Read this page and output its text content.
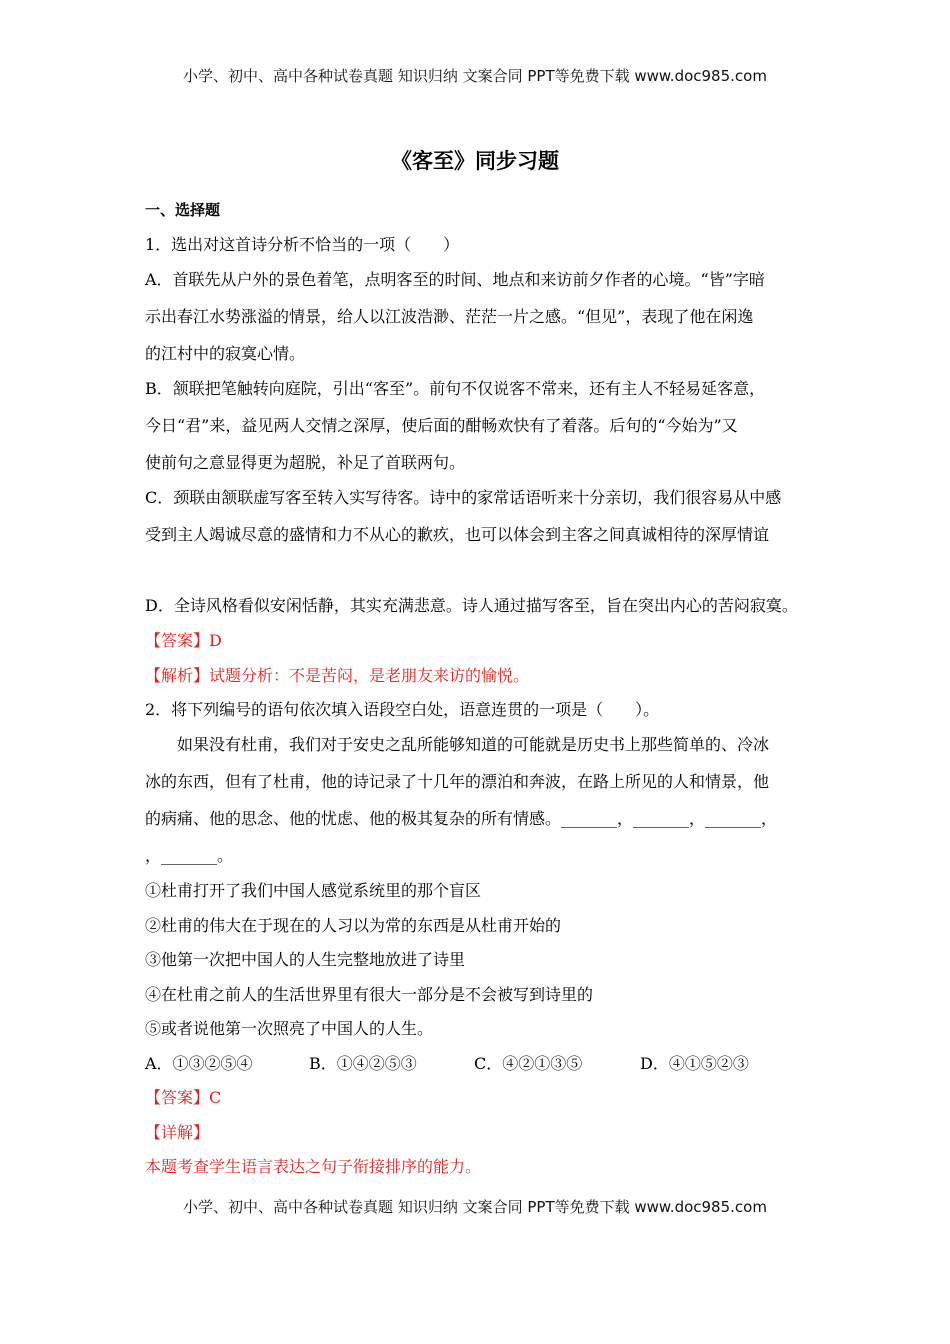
小学、初中、高中各种试卷真题 知识归纳 文案合同 PPT等免费下载 www.doc985.com
《客至》同步习题
一、选择题
1．选出对这首诗分析不恰当的一项（　　）
A．首联先从户外的景色着笔，点明客至的时间、地点和来访前夕作者的心境。“皆”字暗
示出春江水势涨溢的情景，给人以江波浩渺、茫茫一片之感。“但见”，表现了他在闲逸
的江村中的寂寞心情。
B．颔联把笔触转向庭院，引出“客至”。前句不仅说客不常来，还有主人不轻易延客意，
今日“君”来，益见两人交情之深厚，使后面的酣畅欢快有了着落。后句的“今始为”又
使前句之意显得更为超脱，补足了首联两句。
C．颈联由颔联虚写客至转入实写待客。诗中的家常话语听来十分亲切，我们很容易从中感
受到主人竭诚尽意的盛情和力不从心的歉疚，也可以体会到主客之间真诚相待的深厚情谊
D．全诗风格看似安闲恬静，其实充满悲意。诗人通过描写客至，旨在突出内心的苦闷寂寞。
【答案】D
【解析】试题分析：不是苦闷，是老朋友来访的愉悦。
2．将下列编号的语句依次填入语段空白处，语意连贯的一项是（　　）。
如果没有杜甫，我们对于安史之乱所能够知道的可能就是历史书上那些简单的、冷冰
冰的东西，但有了杜甫，他的诗记录了十几年的漂泊和奔波，在路上所见的人和情景，他
的病痛、他的思念、他的忧虑、他的极其复杂的所有情感。_______，_______，_______，
，_______。
①杜甫打开了我们中国人感觉系统里的那个盲区
②杜甫的伟大在于现在的人习以为常的东西是从杜甫开始的
③他第一次把中国人的人生完整地放进了诗里
④在杜甫之前人的生活世界里有很大一部分是不会被写到诗里的
⑤或者说他第一次照亮了中国人的人生。
A．①③②⑤④	B．①④②⑤③	C．④②①③⑤	D．④①⑤②③
【答案】C
【详解】
本题考查学生语言表达之句子衔接排序的能力。
小学、初中、高中各种试卷真题 知识归纳 文案合同 PPT等免费下载 www.doc985.com
